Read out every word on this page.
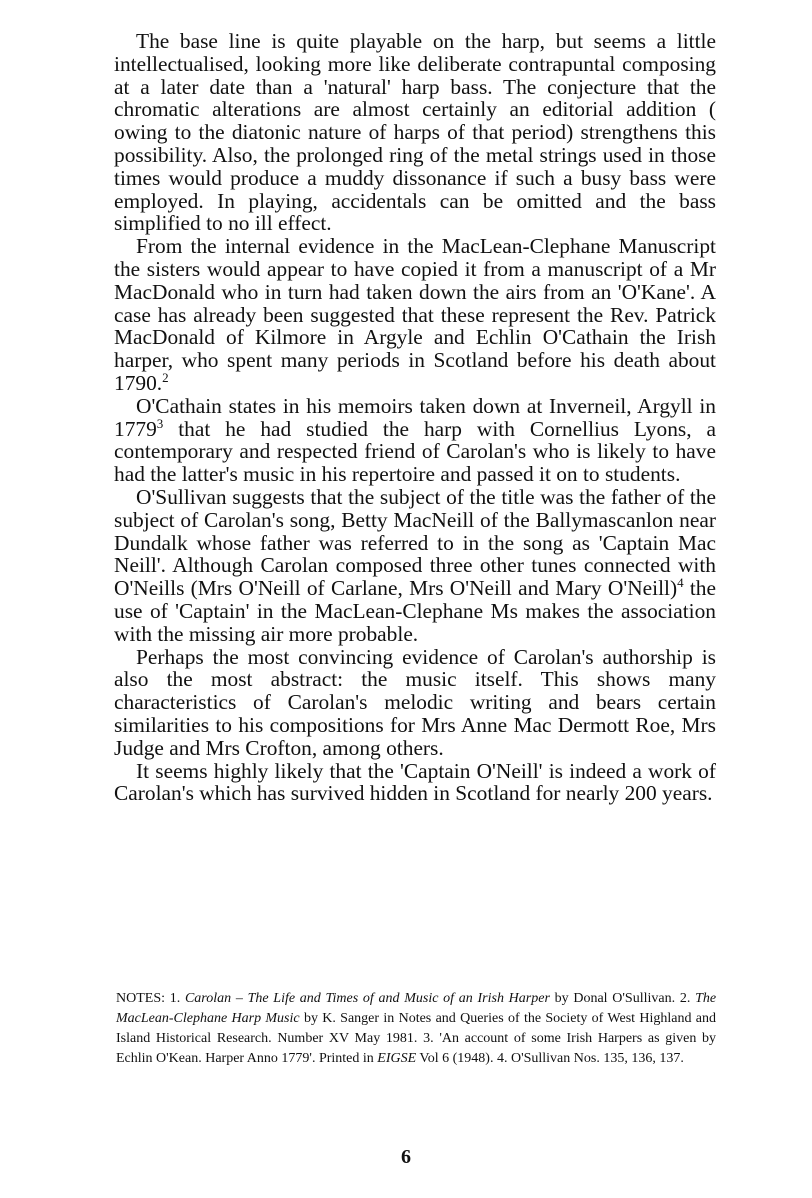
The base line is quite playable on the harp, but seems a little intellectualised, looking more like deliberate contrapuntal composing at a later date than a 'natural' harp bass. The conjecture that the chromatic alterations are almost certainly an editorial addition ( owing to the diatonic nature of harps of that period) strengthens this possibility. Also, the prolonged ring of the metal strings used in those times would produce a muddy dissonance if such a busy bass were employed. In playing, accidentals can be omitted and the bass simplified to no ill effect.

From the internal evidence in the MacLean-Clephane Manuscript the sisters would appear to have copied it from a manuscript of a Mr MacDonald who in turn had taken down the airs from an 'O'Kane'. A case has already been suggested that these represent the Rev. Patrick MacDonald of Kilmore in Argyle and Echlin O'Cathain the Irish harper, who spent many periods in Scotland before his death about 1790.$^2$

O'Cathain states in his memoirs taken down at Inverneil, Argyll in 1779$^3$ that he had studied the harp with Cornellius Lyons, a contemporary and respected friend of Carolan's who is likely to have had the latter's music in his repertoire and passed it on to students.

O'Sullivan suggests that the subject of the title was the father of the subject of Carolan's song, Betty MacNeill of the Ballymascanlon near Dundalk whose father was referred to in the song as 'Captain Mac Neill'. Although Carolan composed three other tunes connected with O'Neills (Mrs O'Neill of Carlane, Mrs O'Neill and Mary O'Neill)$^4$ the use of 'Captain' in the MacLean-Clephane Ms makes the association with the missing air more probable.

Perhaps the most convincing evidence of Carolan's authorship is also the most abstract: the music itself. This shows many characteristics of Carolan's melodic writing and bears certain similarities to his compositions for Mrs Anne Mac Dermott Roe, Mrs Judge and Mrs Crofton, among others.

It seems highly likely that the 'Captain O'Neill' is indeed a work of Carolan's which has survived hidden in Scotland for nearly 200 years.

NOTES: 1. Carolan – The Life and Times of and Music of an Irish Harper by Donal O'Sullivan. 2. The MacLean-Clephane Harp Music by K. Sanger in Notes and Queries of the Society of West Highland and Island Historical Research. Number XV May 1981. 3. 'An account of some Irish Harpers as given by Echlin O'Kean. Harper Anno 1779'. Printed in EIGSE Vol 6 (1948). 4. O'Sullivan Nos. 135, 136, 137.
6
